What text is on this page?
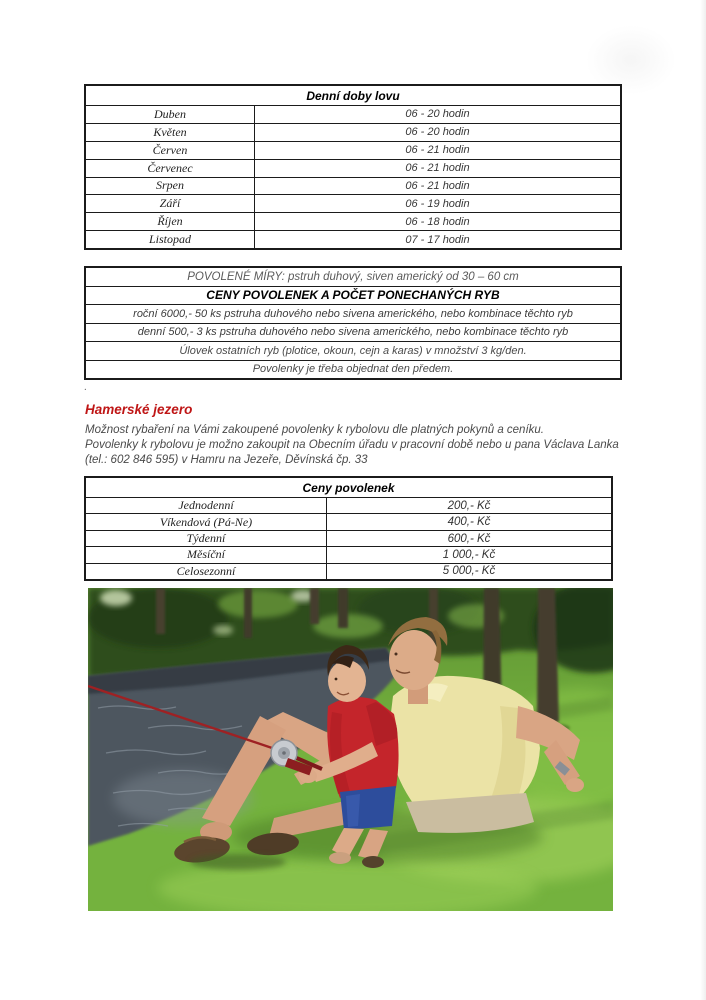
Denní doby lovu
Duben	06 - 20 hodin
Květen	06 - 20 hodin
Červen	06 - 21 hodin
Červenec	06 - 21 hodin
Srpen	06 - 21 hodin
Září	06 - 19 hodin
Říjen	06 - 18 hodin
Listopad	07 - 17 hodin
POVOLENÉ MÍRY: pstruh duhový, siven americký od 30 – 60 cm
CENY POVOLENEK A POČET PONECHANÝCH RYB
roční 6000,- 50 ks pstruha duhového nebo sivena amerického, nebo kombinace těchto ryb
denní 500,- 3 ks pstruha duhového nebo sivena amerického, nebo kombinace těchto ryb
Úlovek ostatních ryb (plotice, okoun, cejn a karas) v množství 3 kg/den.
Povolenky je třeba objednat den předem.
.
Hamerské jezero
Možnost rybaření na Vámi zakoupené povolenky k rybolovu dle platných pokynů a ceníku.
Povolenky k rybolovu je možno zakoupit na Obecním úřadu v pracovní době nebo u pana Václava Lanka
(tel.: 602 846 595) v Hamru na Jezeře, Děvínská čp. 33
Ceny povolenek
Jednodenní	200,- Kč
Víkendová (Pá-Ne)	400,- Kč
Týdenní	600,- Kč
Měsíční	1 000,- Kč
Celosezonní	5 000,- Kč
